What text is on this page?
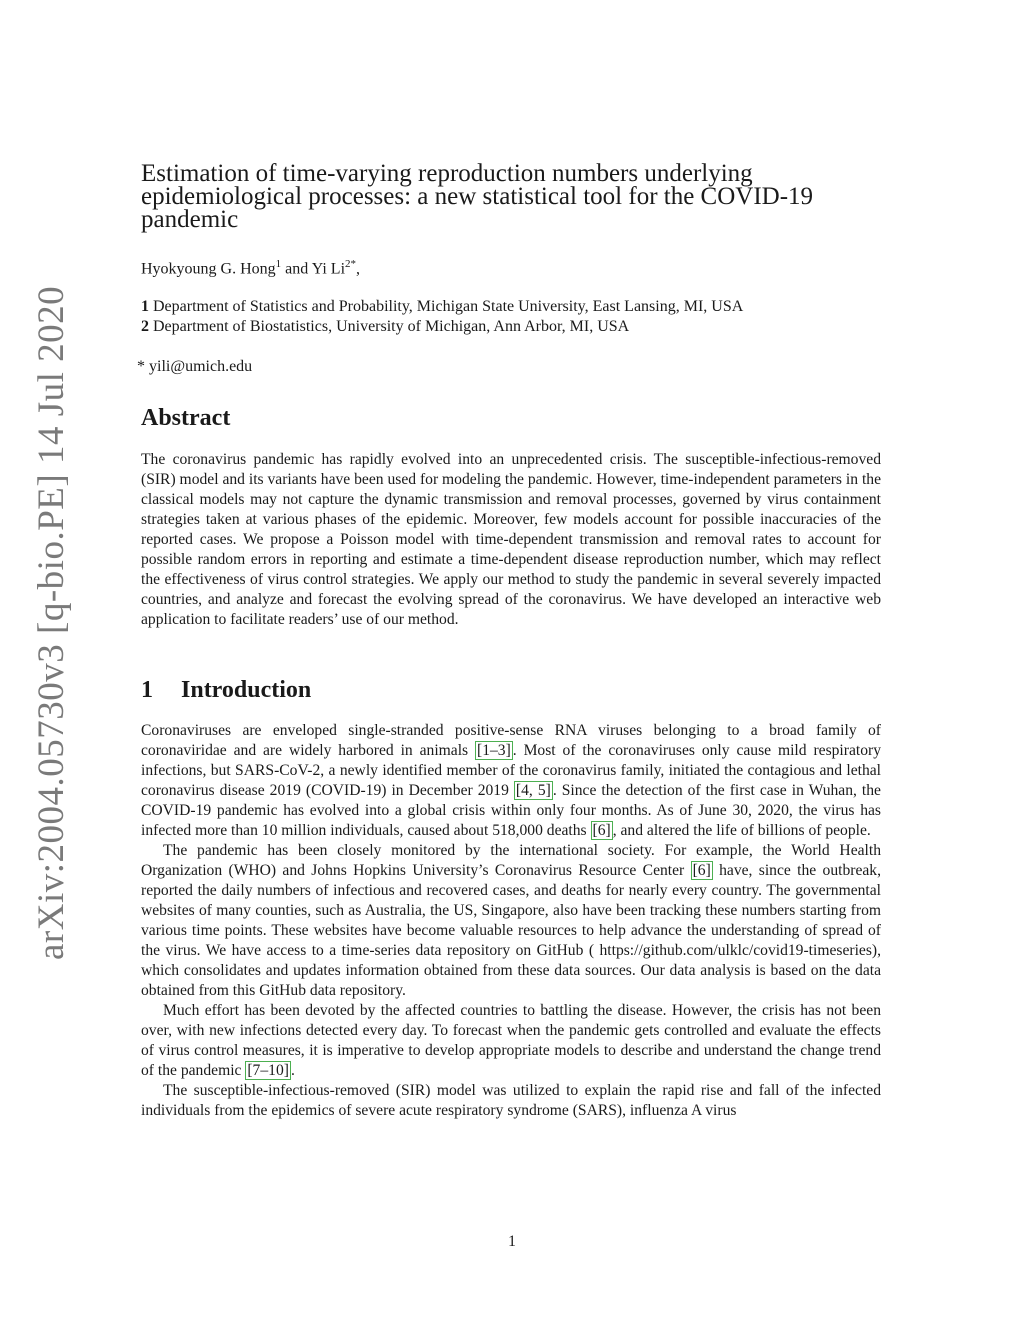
arXiv:2004.05730v3 [q-bio.PE] 14 Jul 2020
Estimation of time-varying reproduction numbers underlying epidemiological processes: a new statistical tool for the COVID-19 pandemic
Hyokyoung G. Hong$^1$ and Yi $Li^{2*}$,
1 Department of Statistics and Probability, Michigan State University, East Lansing, MI, USA
2 Department of Biostatistics, University of Michigan, Ann Arbor, MI, USA
* yili@umich.edu
Abstract

The coronavirus pandemic has rapidly evolved into an unprecedented crisis. The susceptible-infectious-removed (SIR) model and its variants have been used for modeling the pandemic. However, time-independent parameters in the classical models may not capture the dynamic transmission and removal processes, governed by virus containment strategies taken at various phases of the epidemic. Moreover, few models account for possible inaccuracies of the reported cases. We propose a Poisson model with time-dependent transmission and removal rates to account for possible random errors in reporting and estimate a time-dependent disease reproduction number, which may reflect the effectiveness of virus control strategies. We apply our method to study the pandemic in several severely impacted countries, and analyze and forecast the evolving spread of the coronavirus. We have developed an interactive web application to facilitate readers’ use of our method.

1 Introduction

Coronaviruses are enveloped single-stranded positive-sense RNA viruses belonging to a broad family of coronaviridae and are widely harbored in animals [1–3] . Most of the coronaviruses only cause mild respiratory infections, but SARS-CoV-2, a newly identified member of the coronavirus family, initiated the contagious and lethal coronavirus disease 2019 (COVID-19) in December 2019 [4, 5] . Since the detection of the first case in Wuhan, the COVID-19 pandemic has evolved into a global crisis within only four months. As of June 30, 2020, the virus has infected more than 10 million individuals, caused about 518,000 deaths [6] , and altered the life of billions of people.

The pandemic has been closely monitored by the international society. For example, the World Health Organization (WHO) and Johns Hopkins University’s Coronavirus Resource Center [6] have, since the outbreak, reported the daily numbers of infectious and recovered cases, and deaths for nearly every country. The governmental websites of many counties, such as Australia, the US, Singapore, also have been tracking these numbers starting from various time points. These websites have become valuable resources to help advance the understanding of spread of the virus. We have access to a time-series data repository on GitHub ( https://github.com/ulklc/covid19-timeseries), which consolidates and updates information obtained from these data sources. Our data analysis is based on the data obtained from this GitHub data repository.

Much effort has been devoted by the affected countries to battling the disease. However, the crisis has not been over, with new infections detected every day. To forecast when the pandemic gets controlled and evaluate the effects of virus control measures, it is imperative to develop appropriate models to describe and understand the change trend of the pandemic [7–10] .

The susceptible-infectious-removed (SIR) model was utilized to explain the rapid rise and fall of the infected individuals from the epidemics of severe acute respiratory syndrome (SARS), influenza A virus

1
